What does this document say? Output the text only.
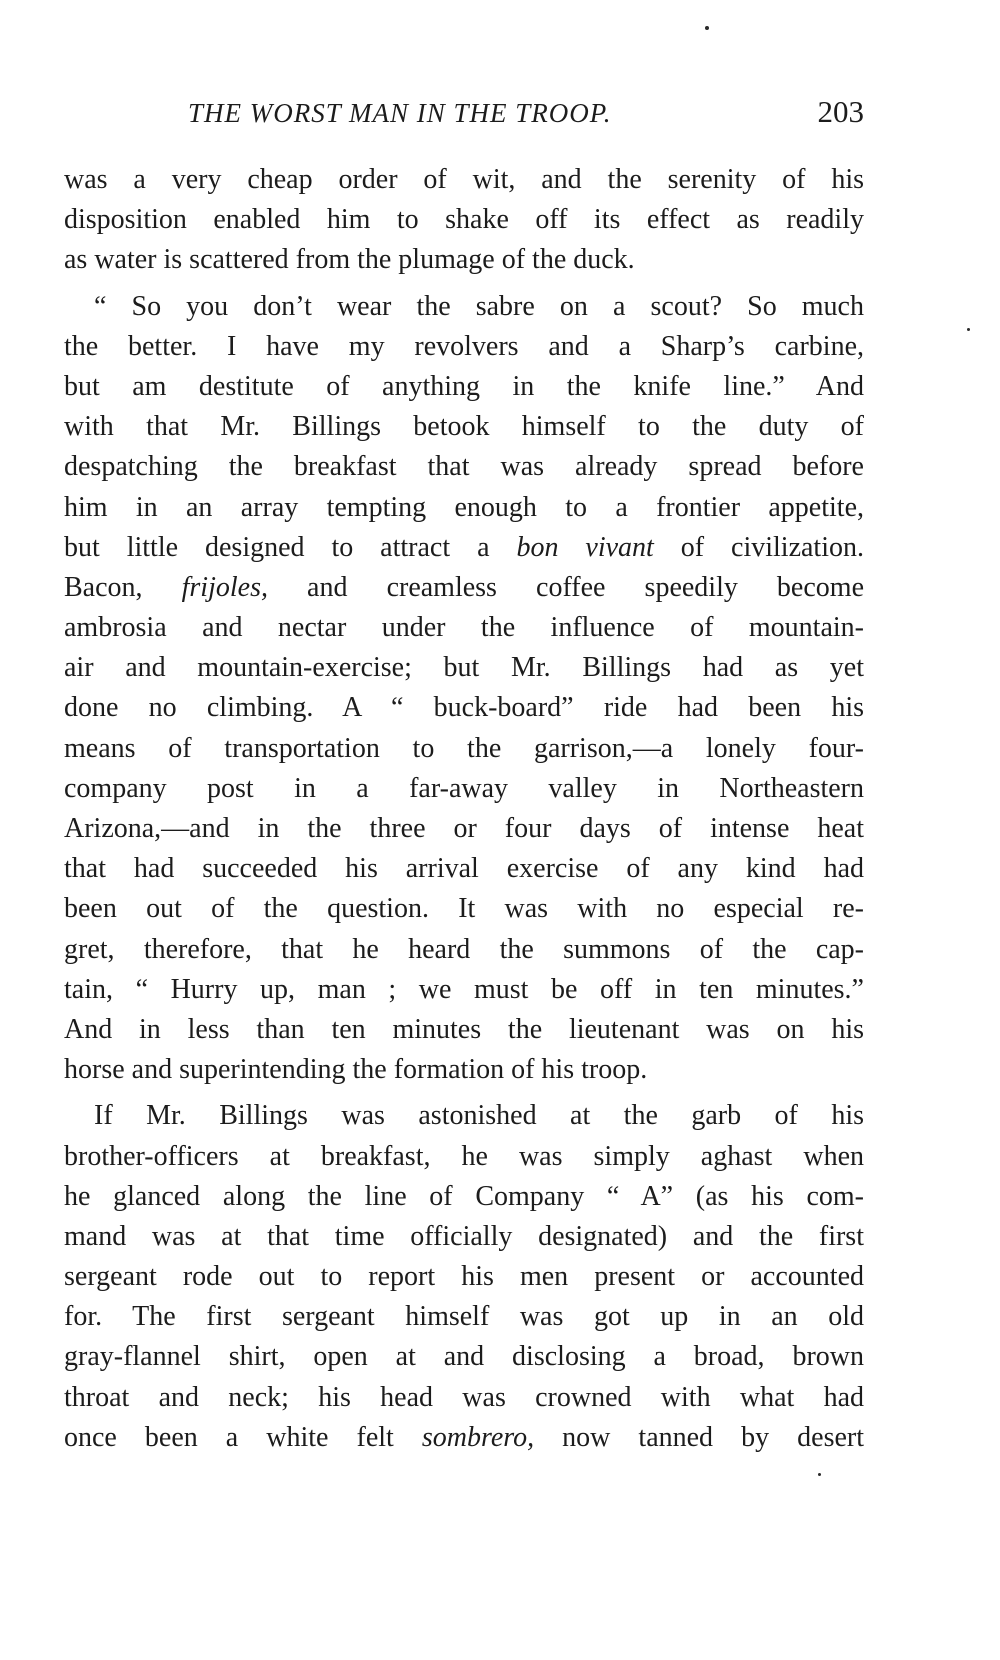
THE WORST MAN IN THE TROOP.	203
was a very cheap order of wit, and the serenity of his
disposition enabled him to shake off its effect as readily
as water is scattered from the plumage of the duck.
“ So you don’t wear the sabre on a scout? So much
the better. I have my revolvers and a Sharp’s carbine,
but am destitute of anything in the knife line.” And
with that Mr. Billings betook himself to the duty of
despatching the breakfast that was already spread before
him in an array tempting enough to a frontier appetite,
but little designed to attract a bon vivant of civilization.
Bacon, frijoles, and creamless coffee speedily become
ambrosia and nectar under the influence of mountain-
air and mountain-exercise; but Mr. Billings had as yet
done no climbing. A “ buck-board” ride had been his
means of transportation to the garrison,—a lonely four-
company post in a far-away valley in Northeastern
Arizona,—and in the three or four days of intense heat
that had succeeded his arrival exercise of any kind had
been out of the question. It was with no especial re-
gret, therefore, that he heard the summons of the cap-
tain, “ Hurry up, man ; we must be off in ten minutes.”
And in less than ten minutes the lieutenant was on his
horse and superintending the formation of his troop.
If Mr. Billings was astonished at the garb of his
brother-officers at breakfast, he was simply aghast when
he glanced along the line of Company “ A” (as his com-
mand was at that time officially designated) and the first
sergeant rode out to report his men present or accounted
for. The first sergeant himself was got up in an old
gray-flannel shirt, open at and disclosing a broad, brown
throat and neck; his head was crowned with what had
once been a white felt sombrero, now tanned by desert
